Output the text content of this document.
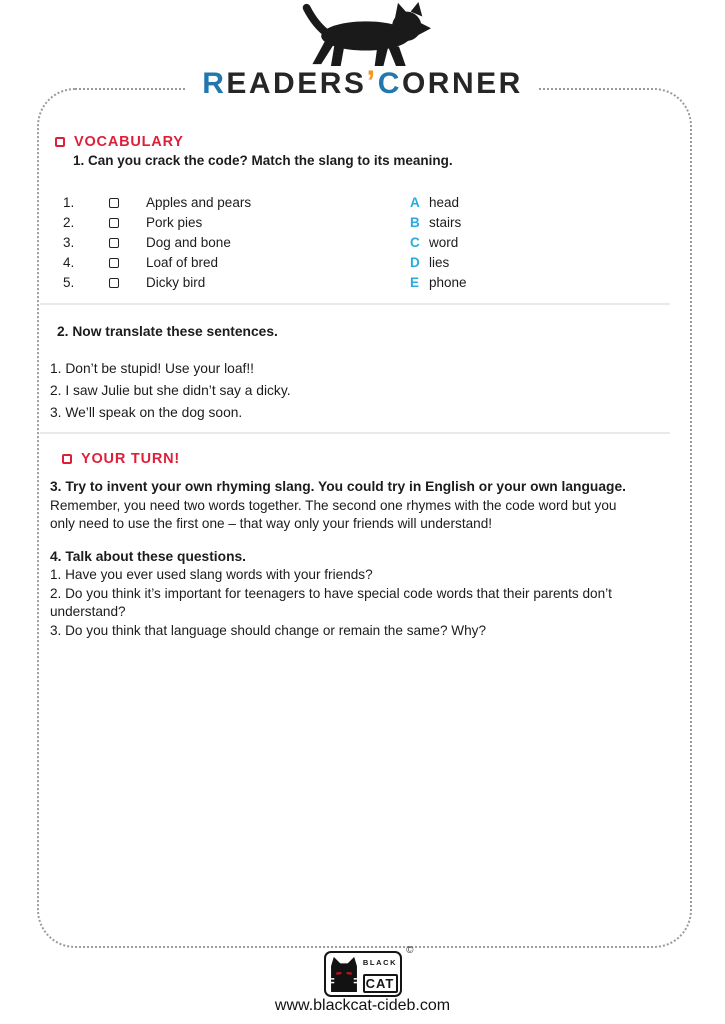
READERS’CORNER
VOCABULARY
1. Can you crack the code? Match the slang to its meaning.
1.	Apples and pears	A head
2.	Pork pies	B stairs
3.	Dog and bone	C word
4.	Loaf of bred	D lies
5.	Dicky bird	E phone
2. Now translate these sentences.
1. Don’t be stupid! Use your loaf!!
2. I saw Julie but she didn’t say a dicky.
3. We’ll speak on the dog soon.
YOUR TURN!
3. Try to invent your own rhyming slang. You could try in English or your own language.
Remember, you need two words together. The second one rhymes with the code word but you only need to use the first one – that way only your friends will understand!
4. Talk about these questions.
1. Have you ever used slang words with your friends?
2. Do you think it’s important for teenagers to have special code words that their parents don’t understand?
3. Do you think that language should change or remain the same? Why?
©
BLACK
CAT
www.blackcat-cideb.com
